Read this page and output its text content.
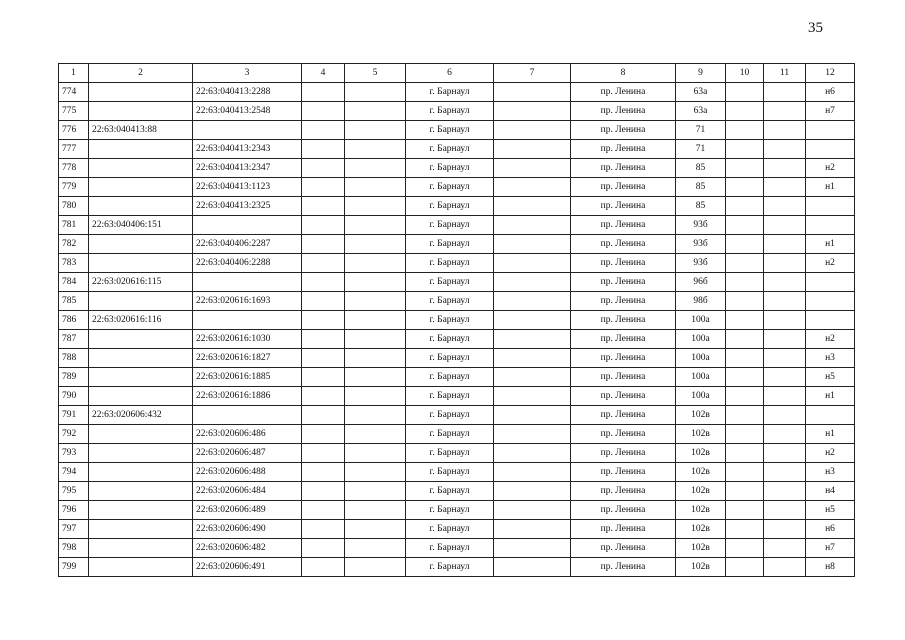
35
1	2	3	4	5	6	7	8	9	10	11	12
774		22:63:040413:2288			г. Барнаул		пр. Ленина	63а			н6
775		22:63:040413:2548			г. Барнаул		пр. Ленина	63а			н7
776	22:63:040413:88				г. Барнаул		пр. Ленина	71			
777		22:63:040413:2343			г. Барнаул		пр. Ленина	71			
778		22:63:040413:2347			г. Барнаул		пр. Ленина	85			н2
779		22:63:040413:1123			г. Барнаул		пр. Ленина	85			н1
780		22:63:040413:2325			г. Барнаул		пр. Ленина	85			
781	22:63:040406:151				г. Барнаул		пр. Ленина	93б			
782		22:63:040406:2287			г. Барнаул		пр. Ленина	93б			н1
783		22:63:040406:2288			г. Барнаул		пр. Ленина	93б			н2
784	22:63:020616:115				г. Барнаул		пр. Ленина	96б			
785		22:63:020616:1693			г. Барнаул		пр. Ленина	98б			
786	22:63:020616:116				г. Барнаул		пр. Ленина	100а			
787		22:63:020616:1030			г. Барнаул		пр. Ленина	100а			н2
788		22:63:020616:1827			г. Барнаул		пр. Ленина	100а			н3
789		22:63:020616:1885			г. Барнаул		пр. Ленина	100а			н5
790		22:63:020616:1886			г. Барнаул		пр. Ленина	100а			н1
791	22:63:020606:432				г. Барнаул		пр. Ленина	102в			
792		22:63:020606:486			г. Барнаул		пр. Ленина	102в			н1
793		22:63:020606:487			г. Барнаул		пр. Ленина	102в			н2
794		22:63:020606:488			г. Барнаул		пр. Ленина	102в			н3
795		22:63:020606:484			г. Барнаул		пр. Ленина	102в			н4
796		22:63:020606:489			г. Барнаул		пр. Ленина	102в			н5
797		22:63:020606:490			г. Барнаул		пр. Ленина	102в			н6
798		22:63:020606:482			г. Барнаул		пр. Ленина	102в			н7
799		22:63:020606:491			г. Барнаул		пр. Ленина	102в			н8
